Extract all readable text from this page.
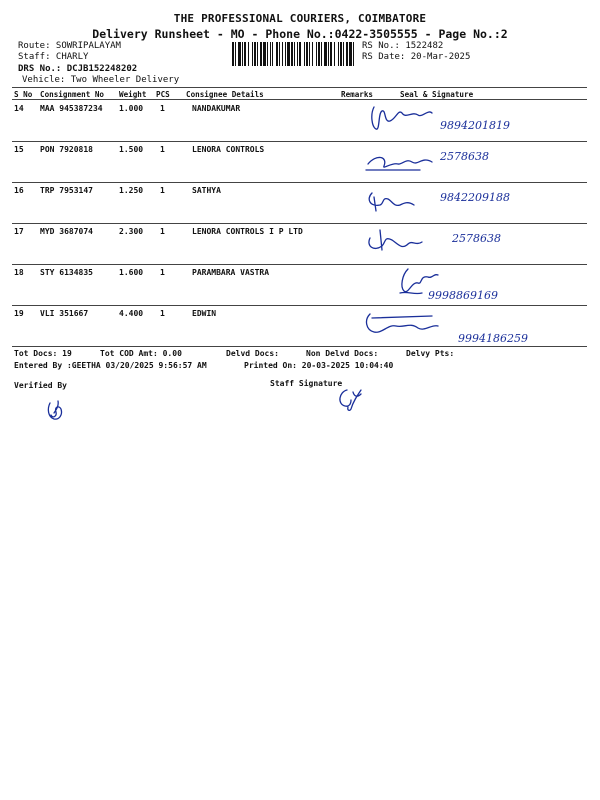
THE PROFESSIONAL COURIERS, COIMBATORE
Delivery Runsheet - MO - Phone No.:0422-3505555 - Page No.:2
Route: SOWRIPALAYAM
Staff: CHARLY
DRS No.: DCJB152248202
Vehicle: Two Wheeler Delivery
RS No.: 1522482
RS Date: 20-Mar-2025
S No Consignment No Weight PCS Consignee Details	Remarks	Seal & Signature
14 MAA 945387234 1.000 1	NANDAKUMAR
9894201819
15 PON 7920818	1.500 1	LENORA CONTROLS
2578638
16 TRP 7953147	1.250 1	SATHYA
9842209188
17 MYD 3687074	2.300 1	LENORA CONTROLS I P LTD
2578638
18 STY 6134835	1.600 1	PARAMBARA VASTRA
9998869169
19 VLI 351667	4.400 1	EDWIN
9994186259
Tot Docs: 19	Tot COD Amt: 0.00	Delvd Docs:	Non Delvd Docs:	Delvy Pts:
Entered By :GEETHA 03/20/2025 9:56:57 AM	Printed On: 20-03-2025 10:04:40
Verified By	Staff Signature
